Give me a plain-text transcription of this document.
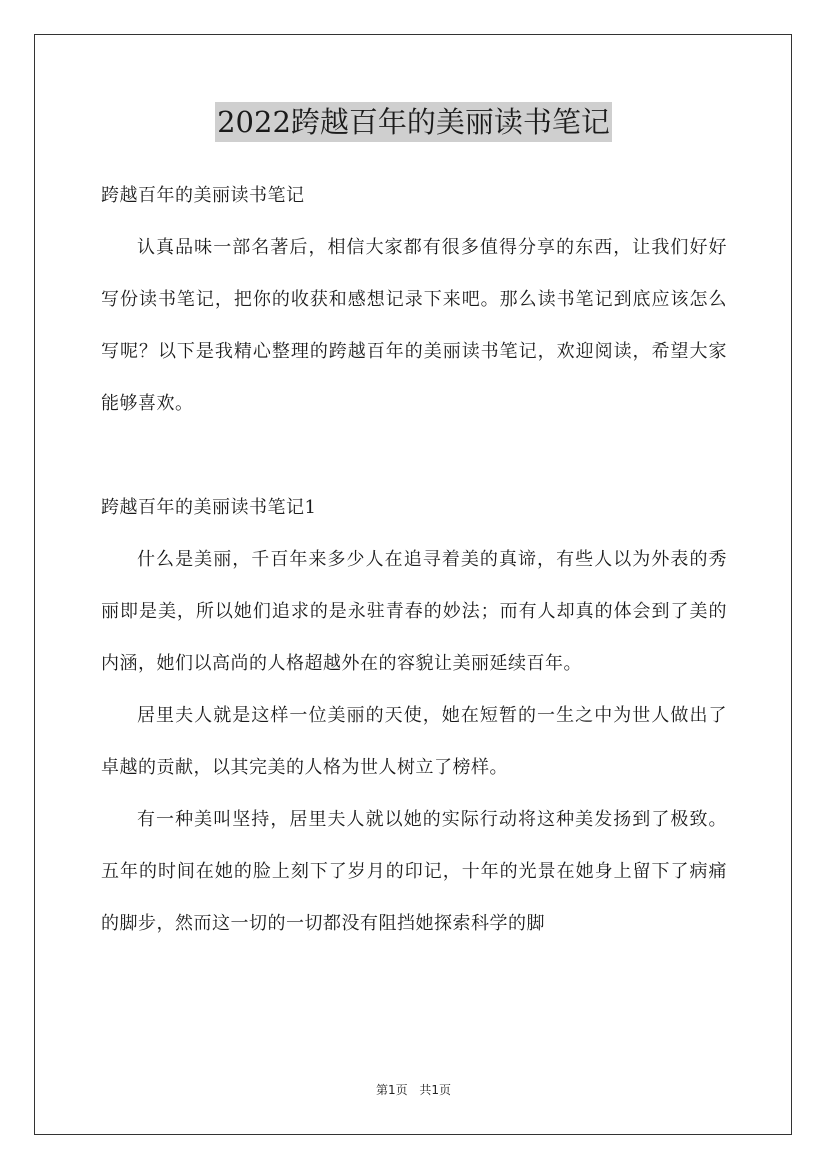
2022跨越百年的美丽读书笔记

跨越百年的美丽读书笔记

认真品味一部名著后，相信大家都有很多值得分享的东西，让我们好好写份读书笔记，把你的收获和感想记录下来吧。那么读书笔记到底应该怎么写呢？以下是我精心整理的跨越百年的美丽读书笔记，欢迎阅读，希望大家能够喜欢。

跨越百年的美丽读书笔记1

什么是美丽，千百年来多少人在追寻着美的真谛，有些人以为外表的秀丽即是美，所以她们追求的是永驻青春的妙法；而有人却真的体会到了美的内涵，她们以高尚的人格超越外在的容貌让美丽延续百年。

居里夫人就是这样一位美丽的天使，她在短暂的一生之中为世人做出了卓越的贡献，以其完美的人格为世人树立了榜样。

有一种美叫坚持，居里夫人就以她的实际行动将这种美发扬到了极致。五年的时间在她的脸上刻下了岁月的印记，十年的光景在她身上留下了病痛的脚步，然而这一切的一切都没有阻挡她探索科学的脚

第1页 共1页
